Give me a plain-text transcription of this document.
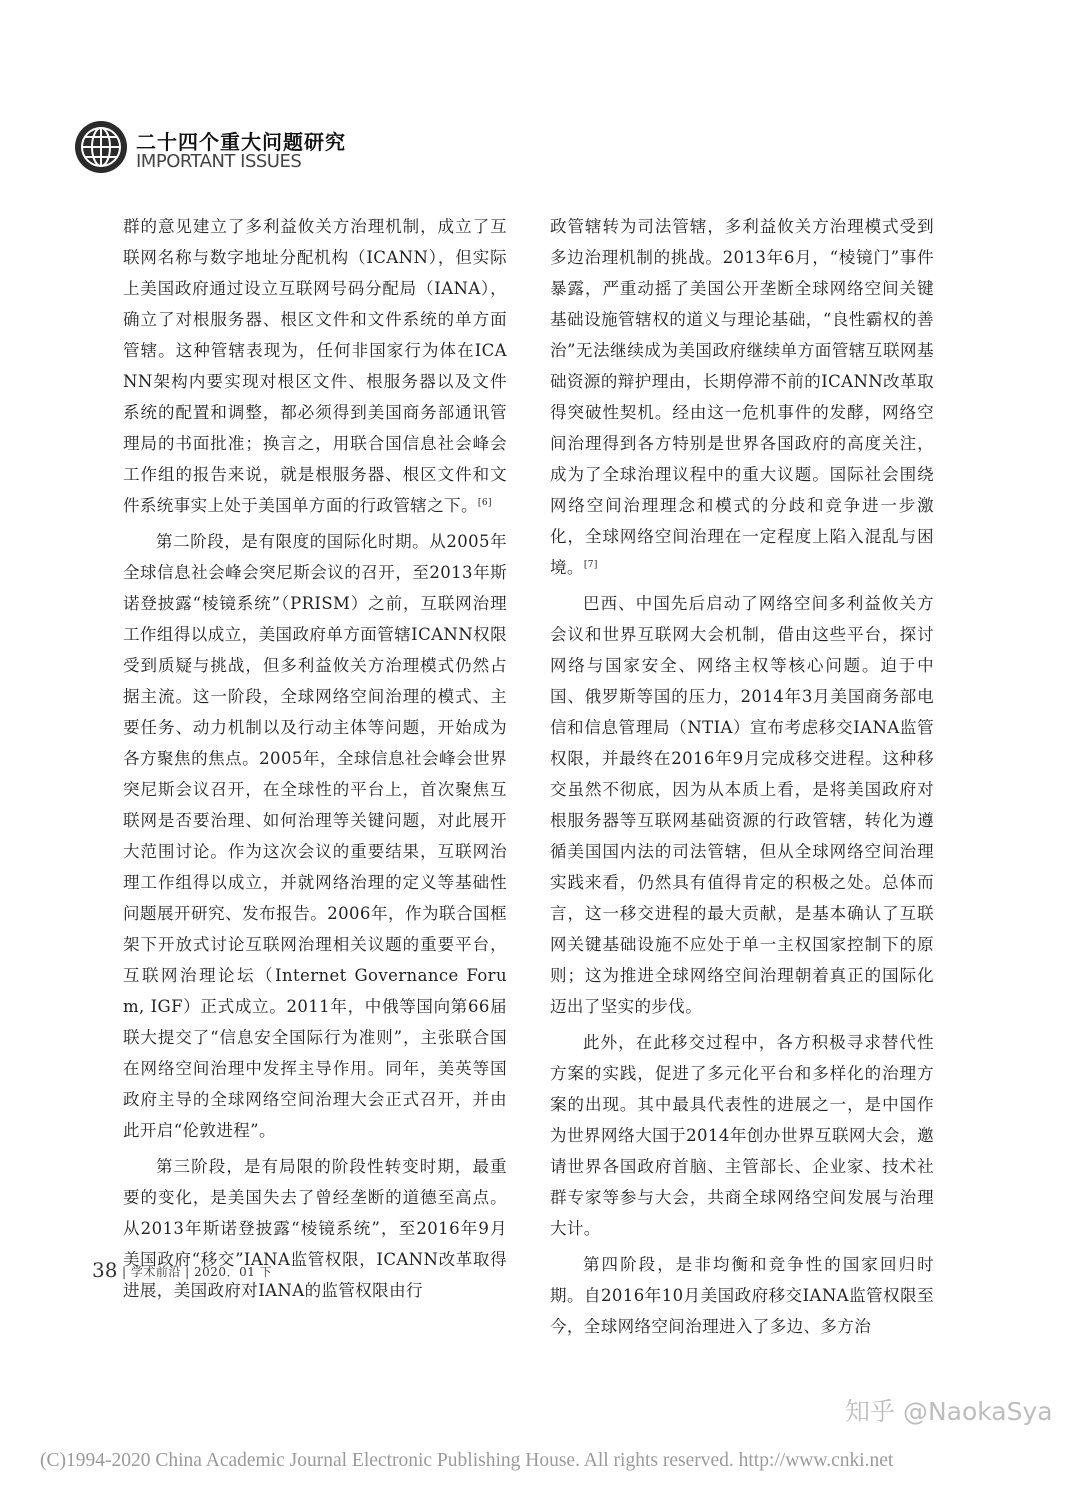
二十四个重大问题研究
IMPORTANT ISSUES

群的意见建立了多利益攸关方治理机制，成立了互联网名称与数字地址分配机构（ICANN），但实际上美国政府通过设立互联网号码分配局（IANA），确立了对根服务器、根区文件和文件系统的单方面管辖。这种管辖表现为，任何非国家行为体在ICANN架构内要实现对根区文件、根服务器以及文件系统的配置和调整，都必须得到美国商务部通讯管理局的书面批准；换言之，用联合国信息社会峰会工作组的报告来说，就是根服务器、根区文件和文件系统事实上处于美国单方面的行政管辖之下。[6]

第二阶段，是有限度的国际化时期。从2005年全球信息社会峰会突尼斯会议的召开，至2013年斯诺登披露“棱镜系统”（PRISM）之前，互联网治理工作组得以成立，美国政府单方面管辖ICANN权限受到质疑与挑战，但多利益攸关方治理模式仍然占据主流。这一阶段，全球网络空间治理的模式、主要任务、动力机制以及行动主体等问题，开始成为各方聚焦的焦点。2005年，全球信息社会峰会世界突尼斯会议召开，在全球性的平台上，首次聚焦互联网是否要治理、如何治理等关键问题，对此展开大范围讨论。作为这次会议的重要结果，互联网治理工作组得以成立，并就网络治理的定义等基础性问题展开研究、发布报告。2006年，作为联合国框架下开放式讨论互联网治理相关议题的重要平台，互联网治理论坛（Internet Governance Forum, IGF）正式成立。2011年，中俄等国向第66届联大提交了“信息安全国际行为准则”，主张联合国在网络空间治理中发挥主导作用。同年，美英等国政府主导的全球网络空间治理大会正式召开，并由此开启“伦敦进程”。

第三阶段，是有局限的阶段性转变时期，最重要的变化，是美国失去了曾经垄断的道德至高点。从2013年斯诺登披露“棱镜系统”，至2016年9月美国政府“移交”IANA监管权限，ICANN改革取得进展，美国政府对IANA的监管权限由行

政管辖转为司法管辖，多利益攸关方治理模式受到多边治理机制的挑战。2013年6月，“棱镜门”事件暴露，严重动摇了美国公开垄断全球网络空间关键基础设施管辖权的道义与理论基础，“良性霸权的善治”无法继续成为美国政府继续单方面管辖互联网基础资源的辩护理由，长期停滞不前的ICANN改革取得突破性契机。经由这一危机事件的发酵，网络空间治理得到各方特别是世界各国政府的高度关注，成为了全球治理议程中的重大议题。国际社会围绕网络空间治理理念和模式的分歧和竞争进一步激化，全球网络空间治理在一定程度上陷入混乱与困境。[7]

巴西、中国先后启动了网络空间多利益攸关方会议和世界互联网大会机制，借由这些平台，探讨网络与国家安全、网络主权等核心问题。迫于中国、俄罗斯等国的压力，2014年3月美国商务部电信和信息管理局（NTIA）宣布考虑移交IANA监管权限，并最终在2016年9月完成移交进程。这种移交虽然不彻底，因为从本质上看，是将美国政府对根服务器等互联网基础资源的行政管辖，转化为遵循美国国内法的司法管辖，但从全球网络空间治理实践来看，仍然具有值得肯定的积极之处。总体而言，这一移交进程的最大贡献，是基本确认了互联网关键基础设施不应处于单一主权国家控制下的原则；这为推进全球网络空间治理朝着真正的国际化迈出了坚实的步伐。

此外，在此移交过程中，各方积极寻求替代性方案的实践，促进了多元化平台和多样化的治理方案的出现。其中最具代表性的进展之一，是中国作为世界网络大国于2014年创办世界互联网大会，邀请世界各国政府首脑、主管部长、企业家、技术社群专家等参与大会，共商全球网络空间发展与治理大计。

第四阶段，是非均衡和竞争性的国家回归时期。自2016年10月美国政府移交IANA监管权限至今，全球网络空间治理进入了多边、多方治

38 | 学术前沿 | 2020．01 下
知乎 @NaokaSya
(C)1994-2020 China Academic Journal Electronic Publishing House. All rights reserved. http://www.cnki.net
